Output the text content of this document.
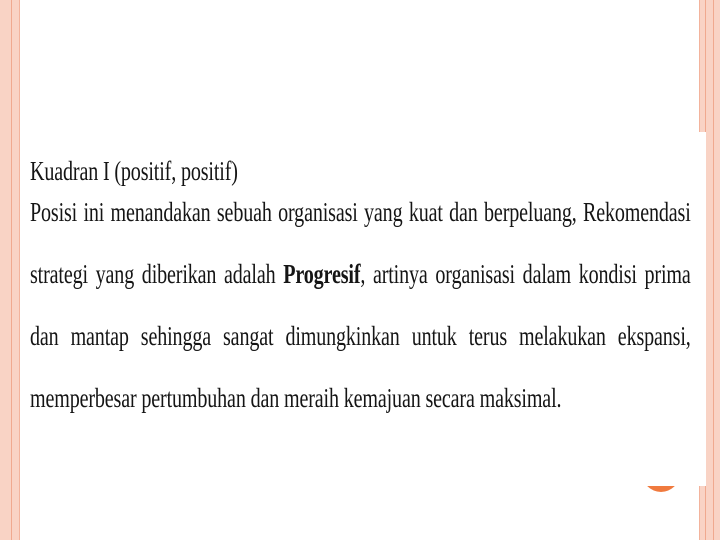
Kuadran I (positif, positif)

Posisi ini menandakan sebuah organisasi yang kuat dan berpeluang, Rekomendasi
strategi yang diberikan adalah Progresif, artinya organisasi dalam kondisi prima
dan mantap sehingga sangat dimungkinkan untuk terus melakukan ekspansi,
memperbesar pertumbuhan dan meraih kemajuan secara maksimal.
